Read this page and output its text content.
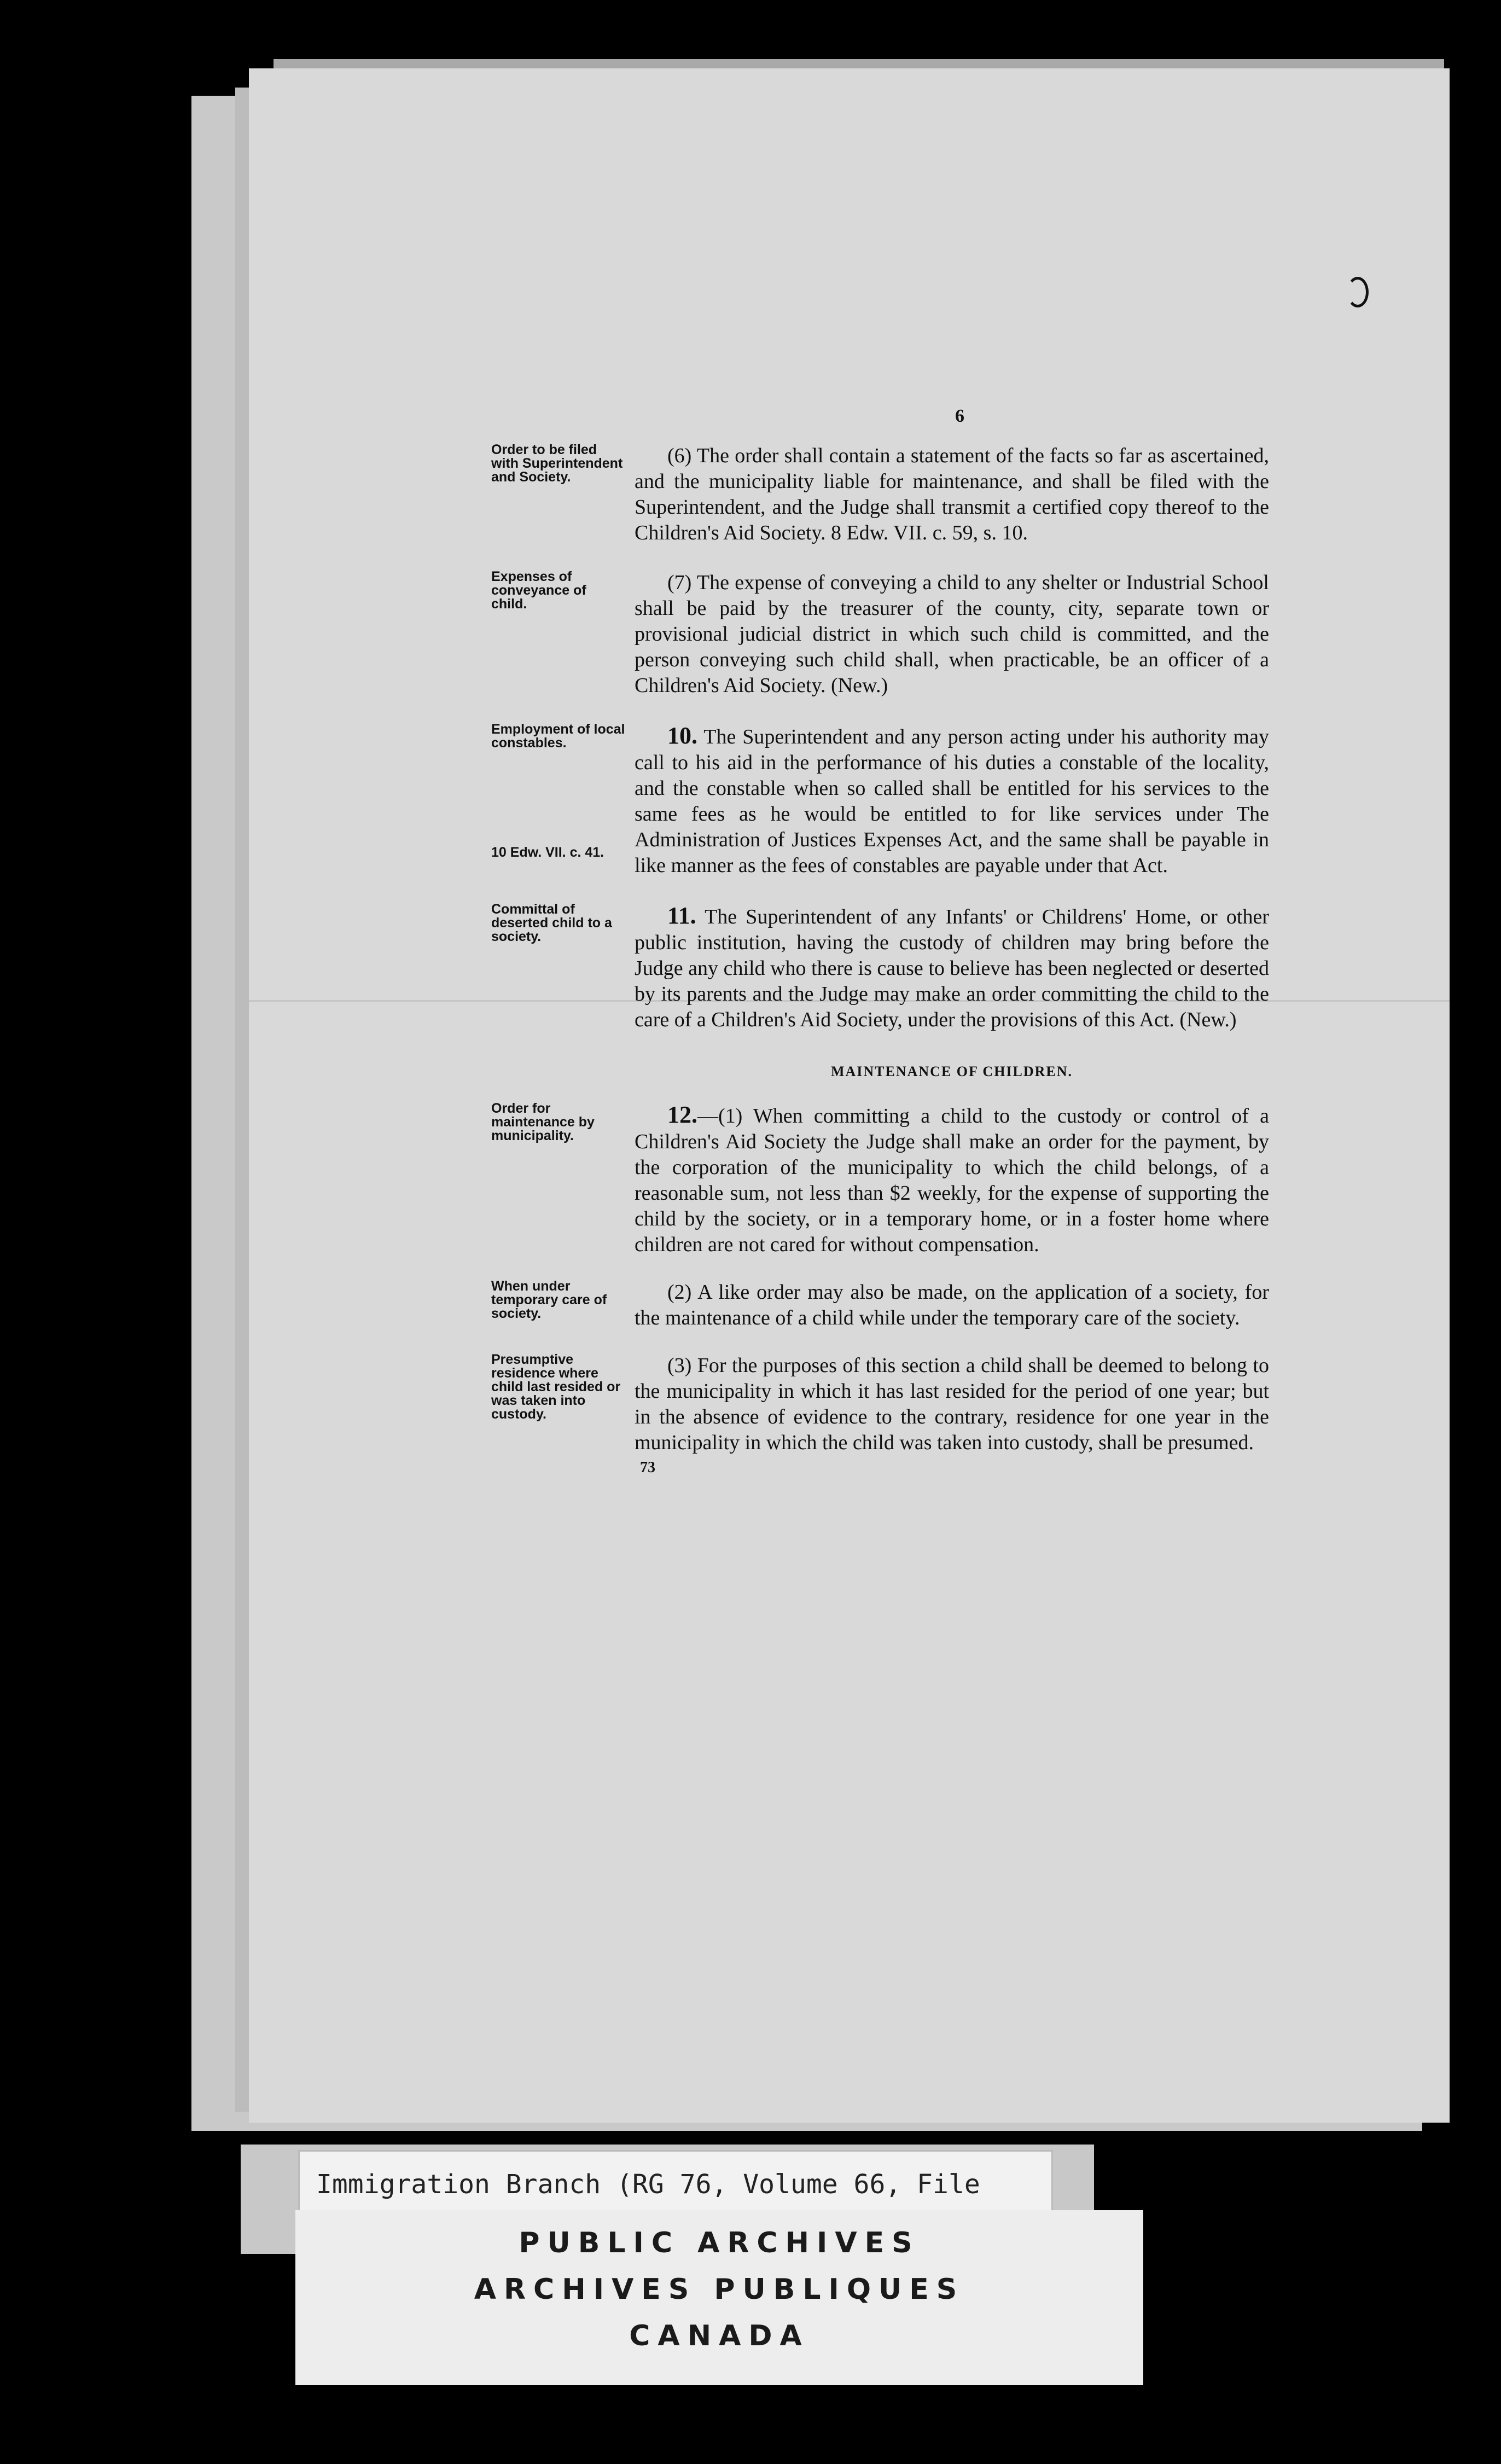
6
Order to be filed with Superintendent and Society.
(6) The order shall contain a statement of the facts so far as ascertained, and the municipality liable for maintenance, and shall be filed with the Superintendent, and the Judge shall transmit a certified copy thereof to the Children's Aid Society. 8 Edw. VII. c. 59, s. 10.
Expenses of conveyance of child.
(7) The expense of conveying a child to any shelter or Industrial School shall be paid by the treasurer of the county, city, separate town or provisional judicial district in which such child is committed, and the person conveying such child shall, when practicable, be an officer of a Children's Aid Society. (New.)
Employment of local constables.
10 Edw. VII. c. 41.
10. The Superintendent and any person acting under his authority may call to his aid in the performance of his duties a constable of the locality, and the constable when so called shall be entitled for his services to the same fees as he would be entitled to for like services under The Administration of Justices Expenses Act, and the same shall be payable in like manner as the fees of constables are payable under that Act.
Committal of deserted child to a society.
11. The Superintendent of any Infants' or Childrens' Home, or other public institution, having the custody of children may bring before the Judge any child who there is cause to believe has been neglected or deserted by its parents and the Judge may make an order committing the child to the care of a Children's Aid Society, under the provisions of this Act. (New.)
MAINTENANCE OF CHILDREN.
Order for maintenance by municipality.
12.—(1) When committing a child to the custody or control of a Children's Aid Society the Judge shall make an order for the payment, by the corporation of the municipality to which the child belongs, of a reasonable sum, not less than $2 weekly, for the expense of supporting the child by the society, or in a temporary home, or in a foster home where children are not cared for without compensation.
When under temporary care of society.
(2) A like order may also be made, on the application of a society, for the maintenance of a child while under the temporary care of the society.
Presumptive residence where child last resided or was taken into custody.
(3) For the purposes of this section a child shall be deemed to belong to the municipality in which it has last resided for the period of one year; but in the absence of evidence to the contrary, residence for one year in the municipality in which the child was taken into custody, shall be presumed.
73
Immigration Branch (RG 76, Volume 66, File
PUBLIC ARCHIVES
ARCHIVES PUBLIQUES
CANADA
